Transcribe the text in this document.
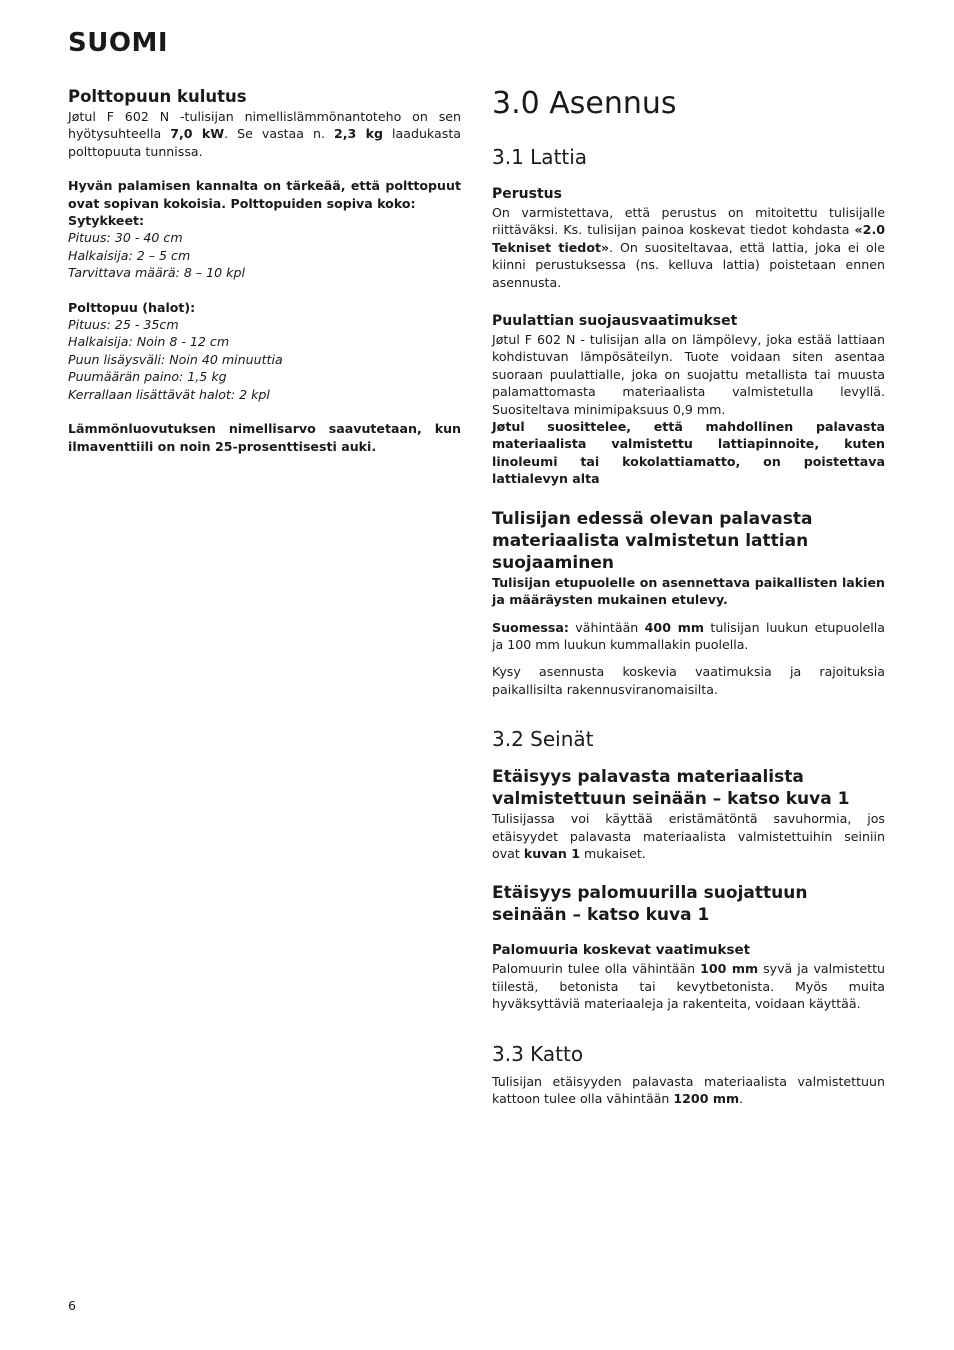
SUOMI
Polttopuun kulutus

Jøtul F 602 N -tulisijan nimellislämmönantoteho on sen hyötysuhteella 7,0 kW. Se vastaa n. 2,3 kg laadukasta polttopuuta tunnissa.

Hyvän palamisen kannalta on tärkeää, että polttopuut ovat sopivan kokoisia. Polttopuiden sopiva koko:

Sytykkeet:

Pituus: 30 - 40 cm

Halkaisija: 2 – 5 cm

Tarvittava määrä: 8 – 10 kpl

Polttopuu (halot):

Pituus: 25 - 35cm

Halkaisija: Noin 8 - 12 cm

Puun lisäysväli: Noin 40 minuuttia

Puumäärän paino: 1,5 kg

Kerrallaan lisättävät halot: 2 kpl

Lämmönluovutuksen nimellisarvo saavutetaan, kun ilmaventtiili on noin 25-prosenttisesti auki.

3.0 Asennus
3.1 Lattia
Perustus

On varmistettava, että perustus on mitoitettu tulisijalle riittäväksi. Ks. tulisijan painoa koskevat tiedot kohdasta «2.0 Tekniset tiedot». On suositeltavaa, että lattia, joka ei ole kiinni perustuksessa (ns. kelluva lattia) poistetaan ennen asennusta.

Puulattian suojausvaatimukset

Jøtul F 602 N - tulisijan alla on lämpölevy, joka estää lattiaan kohdistuvan lämpösäteilyn. Tuote voidaan siten asentaa suoraan puulattialle, joka on suojattu metallista tai muusta palamattomasta materiaalista valmistetulla levyllä. Suositeltava minimipaksuus 0,9 mm.

Jøtul suosittelee, että mahdollinen palavasta materiaalista valmistettu lattiapinnoite, kuten linoleumi tai kokolattiamatto, on poistettava lattialevyn alta

Tulisijan edessä olevan palavasta materiaalista valmistetun lattian suojaaminen

Tulisijan etupuolelle on asennettava paikallisten lakien ja määräysten mukainen etulevy.

Suomessa: vähintään 400 mm tulisijan luukun etupuolella ja 100 mm luukun kummallakin puolella.

Kysy asennusta koskevia vaatimuksia ja rajoituksia paikallisilta rakennusviranomaisilta.

3.2 Seinät
Etäisyys palavasta materiaalista valmistettuun seinään – katso kuva 1

Tulisijassa voi käyttää eristämätöntä savuhormia, jos etäisyydet palavasta materiaalista valmistettuihin seiniin ovat kuvan 1 mukaiset.

Etäisyys palomuurilla suojattuun seinään – katso kuva 1
Palomuuria koskevat vaatimukset

Palomuurin tulee olla vähintään 100 mm syvä ja valmistettu tiilestä, betonista tai kevytbetonista. Myös muita hyväksyttäviä materiaaleja ja rakenteita, voidaan käyttää.

3.3 Katto

Tulisijan etäisyyden palavasta materiaalista valmistettuun kattoon tulee olla vähintään 1200 mm.

6
